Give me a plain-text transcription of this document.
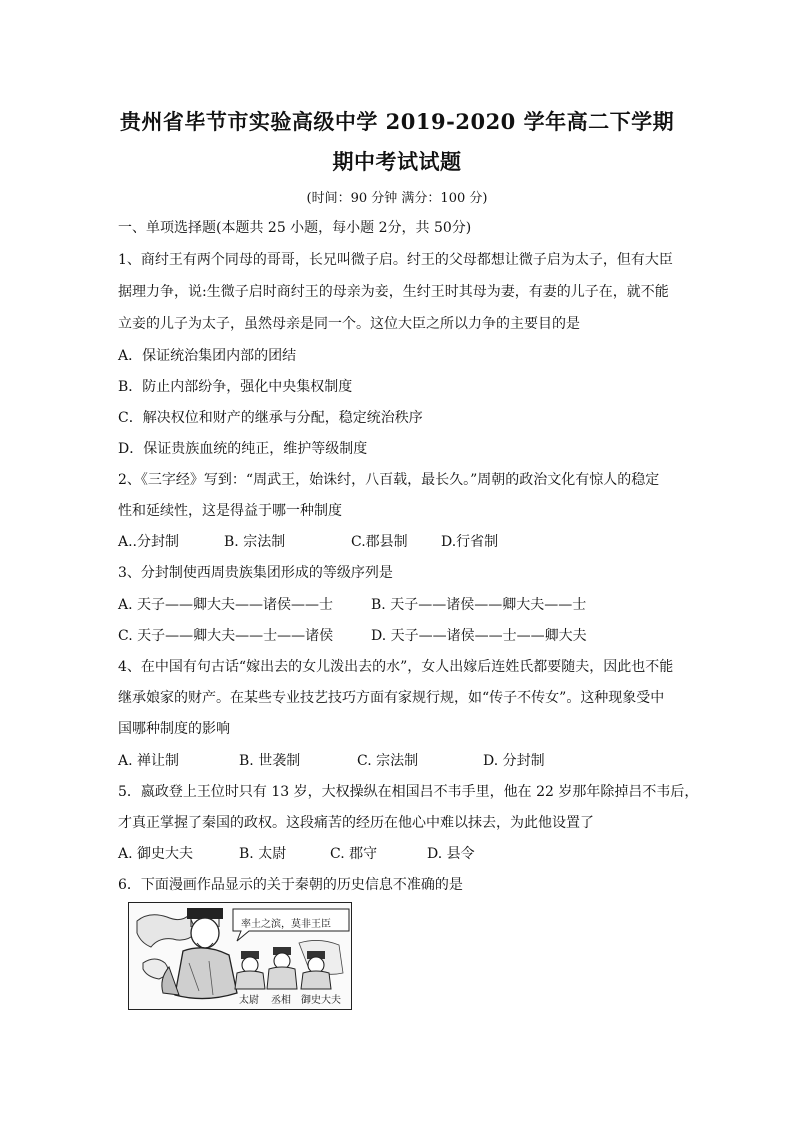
贵州省毕节市实验高级中学 2019-2020 学年高二下学期
期中考试试题
(时间：90 分钟 满分：100 分)
一、单项选择题(本题共 25 小题，每小题 2分，共 50分)
1、商纣王有两个同母的哥哥，长兄叫微子启。纣王的父母都想让微子启为太子，但有大臣
据理力争，说:生微子启时商纣王的母亲为妾，生纣王时其母为妻，有妻的儿子在，就不能
立妾的儿子为太子，虽然母亲是同一个。这位大臣之所以力争的主要目的是
A．保证统治集团内部的团结
B．防止内部纷争，强化中央集权制度
C．解决权位和财产的继承与分配，稳定统治秩序
D．保证贵族血统的纯正，维护等级制度
2、《三字经》写到：“周武王，始诛纣，八百载，最长久。”周朝的政治文化有惊人的稳定
性和延续性，这是得益于哪一种制度
A..分封制	B. 宗法制	C.郡县制 D.行省制
3、分封制使西周贵族集团形成的等级序列是
A. 天子——卿大夫——诸侯——士	B. 天子——诸侯——卿大夫——士
C. 天子——卿大夫——士——诸侯	D. 天子——诸侯——士——卿大夫
4、在中国有句古话“嫁出去的女儿泼出去的水”，女人出嫁后连姓氏都要随夫，因此也不能
继承娘家的财产。在某些专业技艺技巧方面有家规行规，如“传子不传女”。这种现象受中
国哪种制度的影响
A. 禅让制	B. 世袭制	C. 宗法制	D. 分封制
5．嬴政登上王位时只有 13 岁，大权操纵在相国吕不韦手里，他在 22 岁那年除掉吕不韦后，
才真正掌握了秦国的政权。这段痛苦的经历在他心中难以抹去，为此他设置了
A. 御史大夫	B. 太尉	C. 郡守	D. 县令
6．下面漫画作品显示的关于秦朝的历史信息不准确的是
率土之滨，莫非王臣
太尉 丞相 御史大夫
